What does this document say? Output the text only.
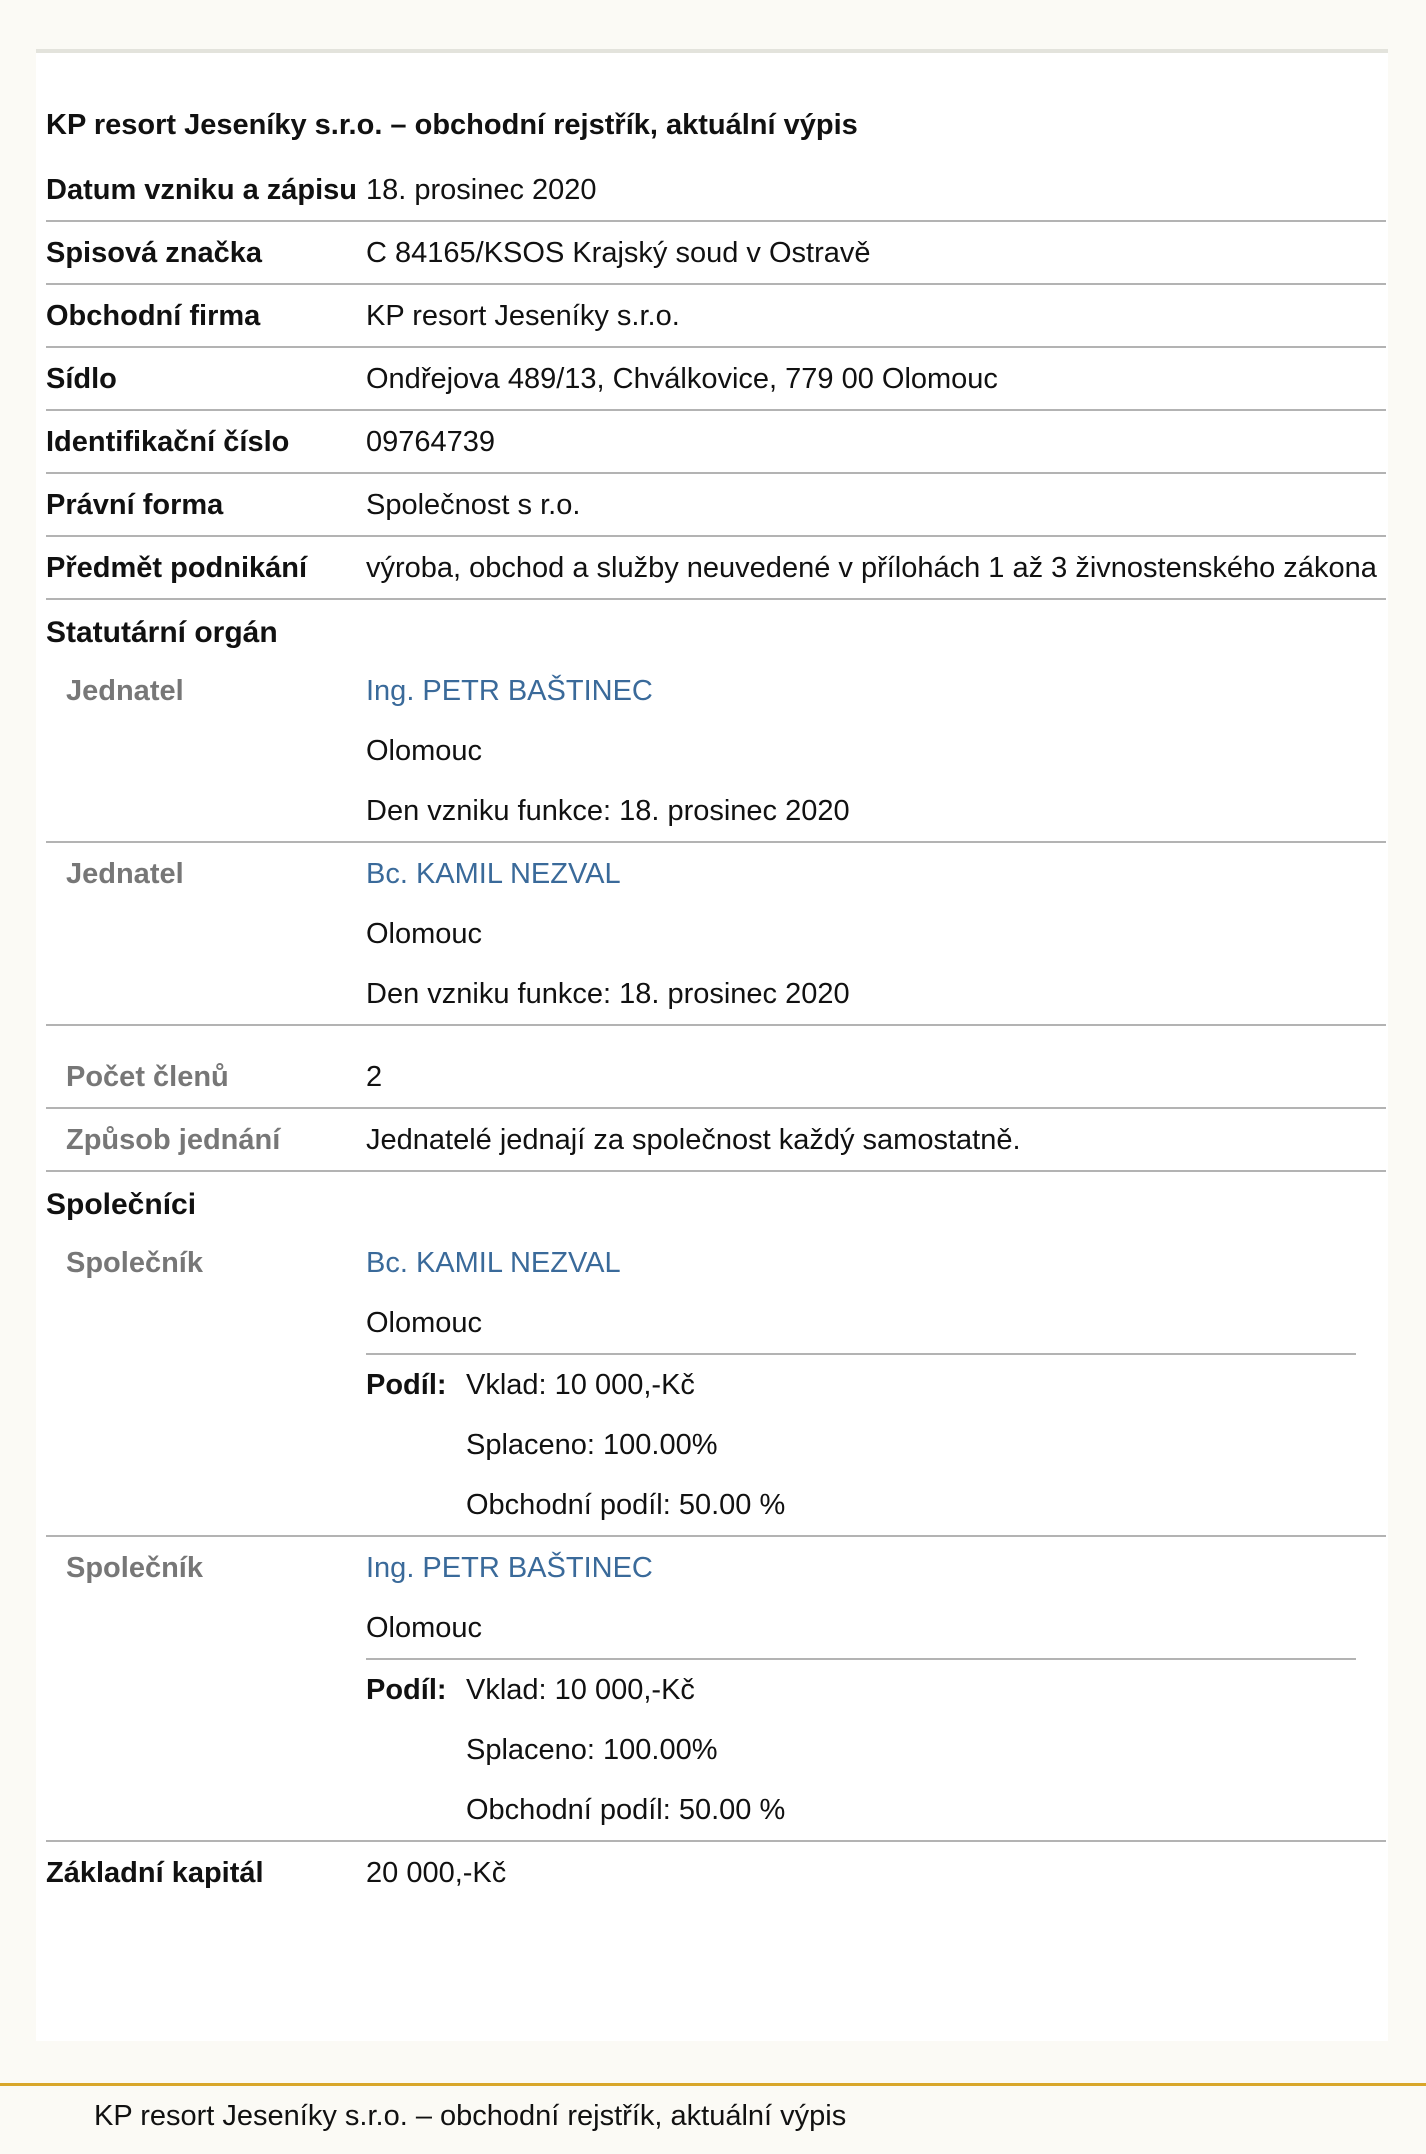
KP resort Jeseníky s.r.o. – obchodní rejstřík, aktuální výpis
Datum vzniku a zápisu 18. prosinec 2020
Spisová značka	C 84165/KSOS Krajský soud v Ostravě
Obchodní firma	KP resort Jeseníky s.r.o.
Sídlo	Ondřejova 489/13, Chválkovice, 779 00 Olomouc
Identifikační číslo	09764739
Právní forma	Společnost s r.o.
Předmět podnikání	výroba, obchod a služby neuvedené v přílohách 1 až 3 živnostenského zákona
Statutární orgán
Jednatel	Ing. PETR BAŠTINEC
Olomouc
Den vzniku funkce: 18. prosinec 2020
Jednatel	Bc. KAMIL NEZVAL
Olomouc
Den vzniku funkce: 18. prosinec 2020
Počet členů	2
Způsob jednání	Jednatelé jednají za společnost každý samostatně.
Společníci
Společník	Bc. KAMIL NEZVAL
Olomouc
Podíl: Vklad: 10 000,-Kč
Splaceno: 100.00%
Obchodní podíl: 50.00 %
Společník	Ing. PETR BAŠTINEC
Olomouc
Podíl: Vklad: 10 000,-Kč
Splaceno: 100.00%
Obchodní podíl: 50.00 %
Základní kapitál	20 000,-Kč
KP resort Jeseníky s.r.o. – obchodní rejstřík, aktuální výpis
